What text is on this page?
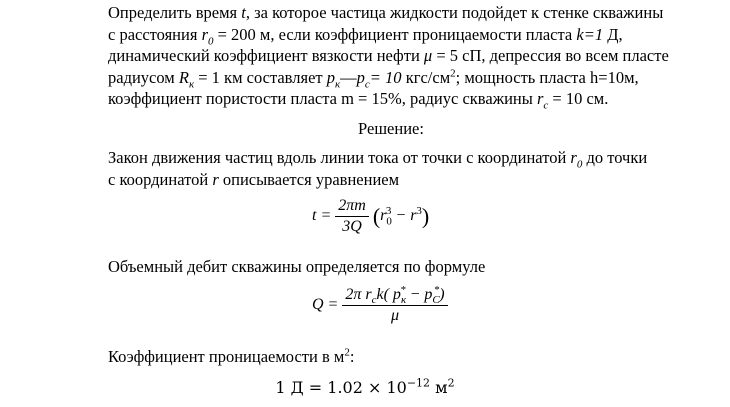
Определить время t, за которое частица жидкости подойдет к стенке скважины
с расстояния $r_0 = 200$ м, если коэффициент проницаемости пласта k=1 Д,
динамический коэффициент вязкости нефти μ = 5 сП, депрессия во всем пласте
радиусом $R_к = 1$ км составляет $p_к—p_с= 10$ кгс/$см^2$; мощность пласта h=10м,
коэффициент пористости пласта m = 15%, радиус скважины $r_c = 10$ см.
Решение:
Закон движения частиц вдоль линии тока от точки с координатой $r_0$ до точки
с координатой r описывается уравнением
$t = \frac{2\pi m}{3Q} (r_0^3 - r^3)$
Объемный дебит скважины определяется по формуле
$Q = \frac{2\pi r_ck( p_к^* - p_C^*)}{\mu}$
Коэффициент проницаемости в $м^2$:
1 $Д = 1.02 \times 10^{-12}$ $м^2$
